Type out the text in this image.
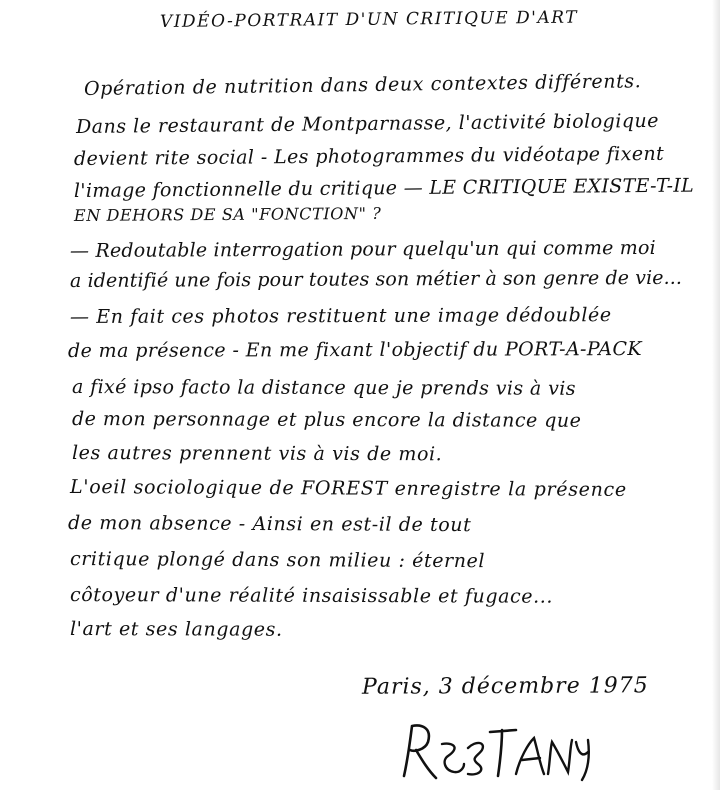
VIDÉO-PORTRAIT D'UN CRITIQUE D'ART
Opération de nutrition dans deux contextes différents.
Dans le restaurant de Montparnasse, l'activité biologique
devient rite social - Les photogrammes du vidéotape fixent
l'image fonctionnelle du critique — LE CRITIQUE EXISTE-T-IL
EN DEHORS DE SA "FONCTION" ?
— Redoutable interrogation pour quelqu'un qui comme moi
a identifié une fois pour toutes son métier à son genre de vie...
— En fait ces photos restituent une image dédoublée
de ma présence - En me fixant l'objectif du PORT-A-PACK
a fixé ipso facto la distance que je prends vis à vis
de mon personnage et plus encore la distance que
les autres prennent vis à vis de moi.
L'oeil sociologique de FOREST enregistre la présence
de mon absence - Ainsi en est-il de tout
critique plongé dans son milieu : éternel
côtoyeur d'une réalité insaisissable et fugace...
l'art et ses langages.
Paris, 3 décembre 1975
